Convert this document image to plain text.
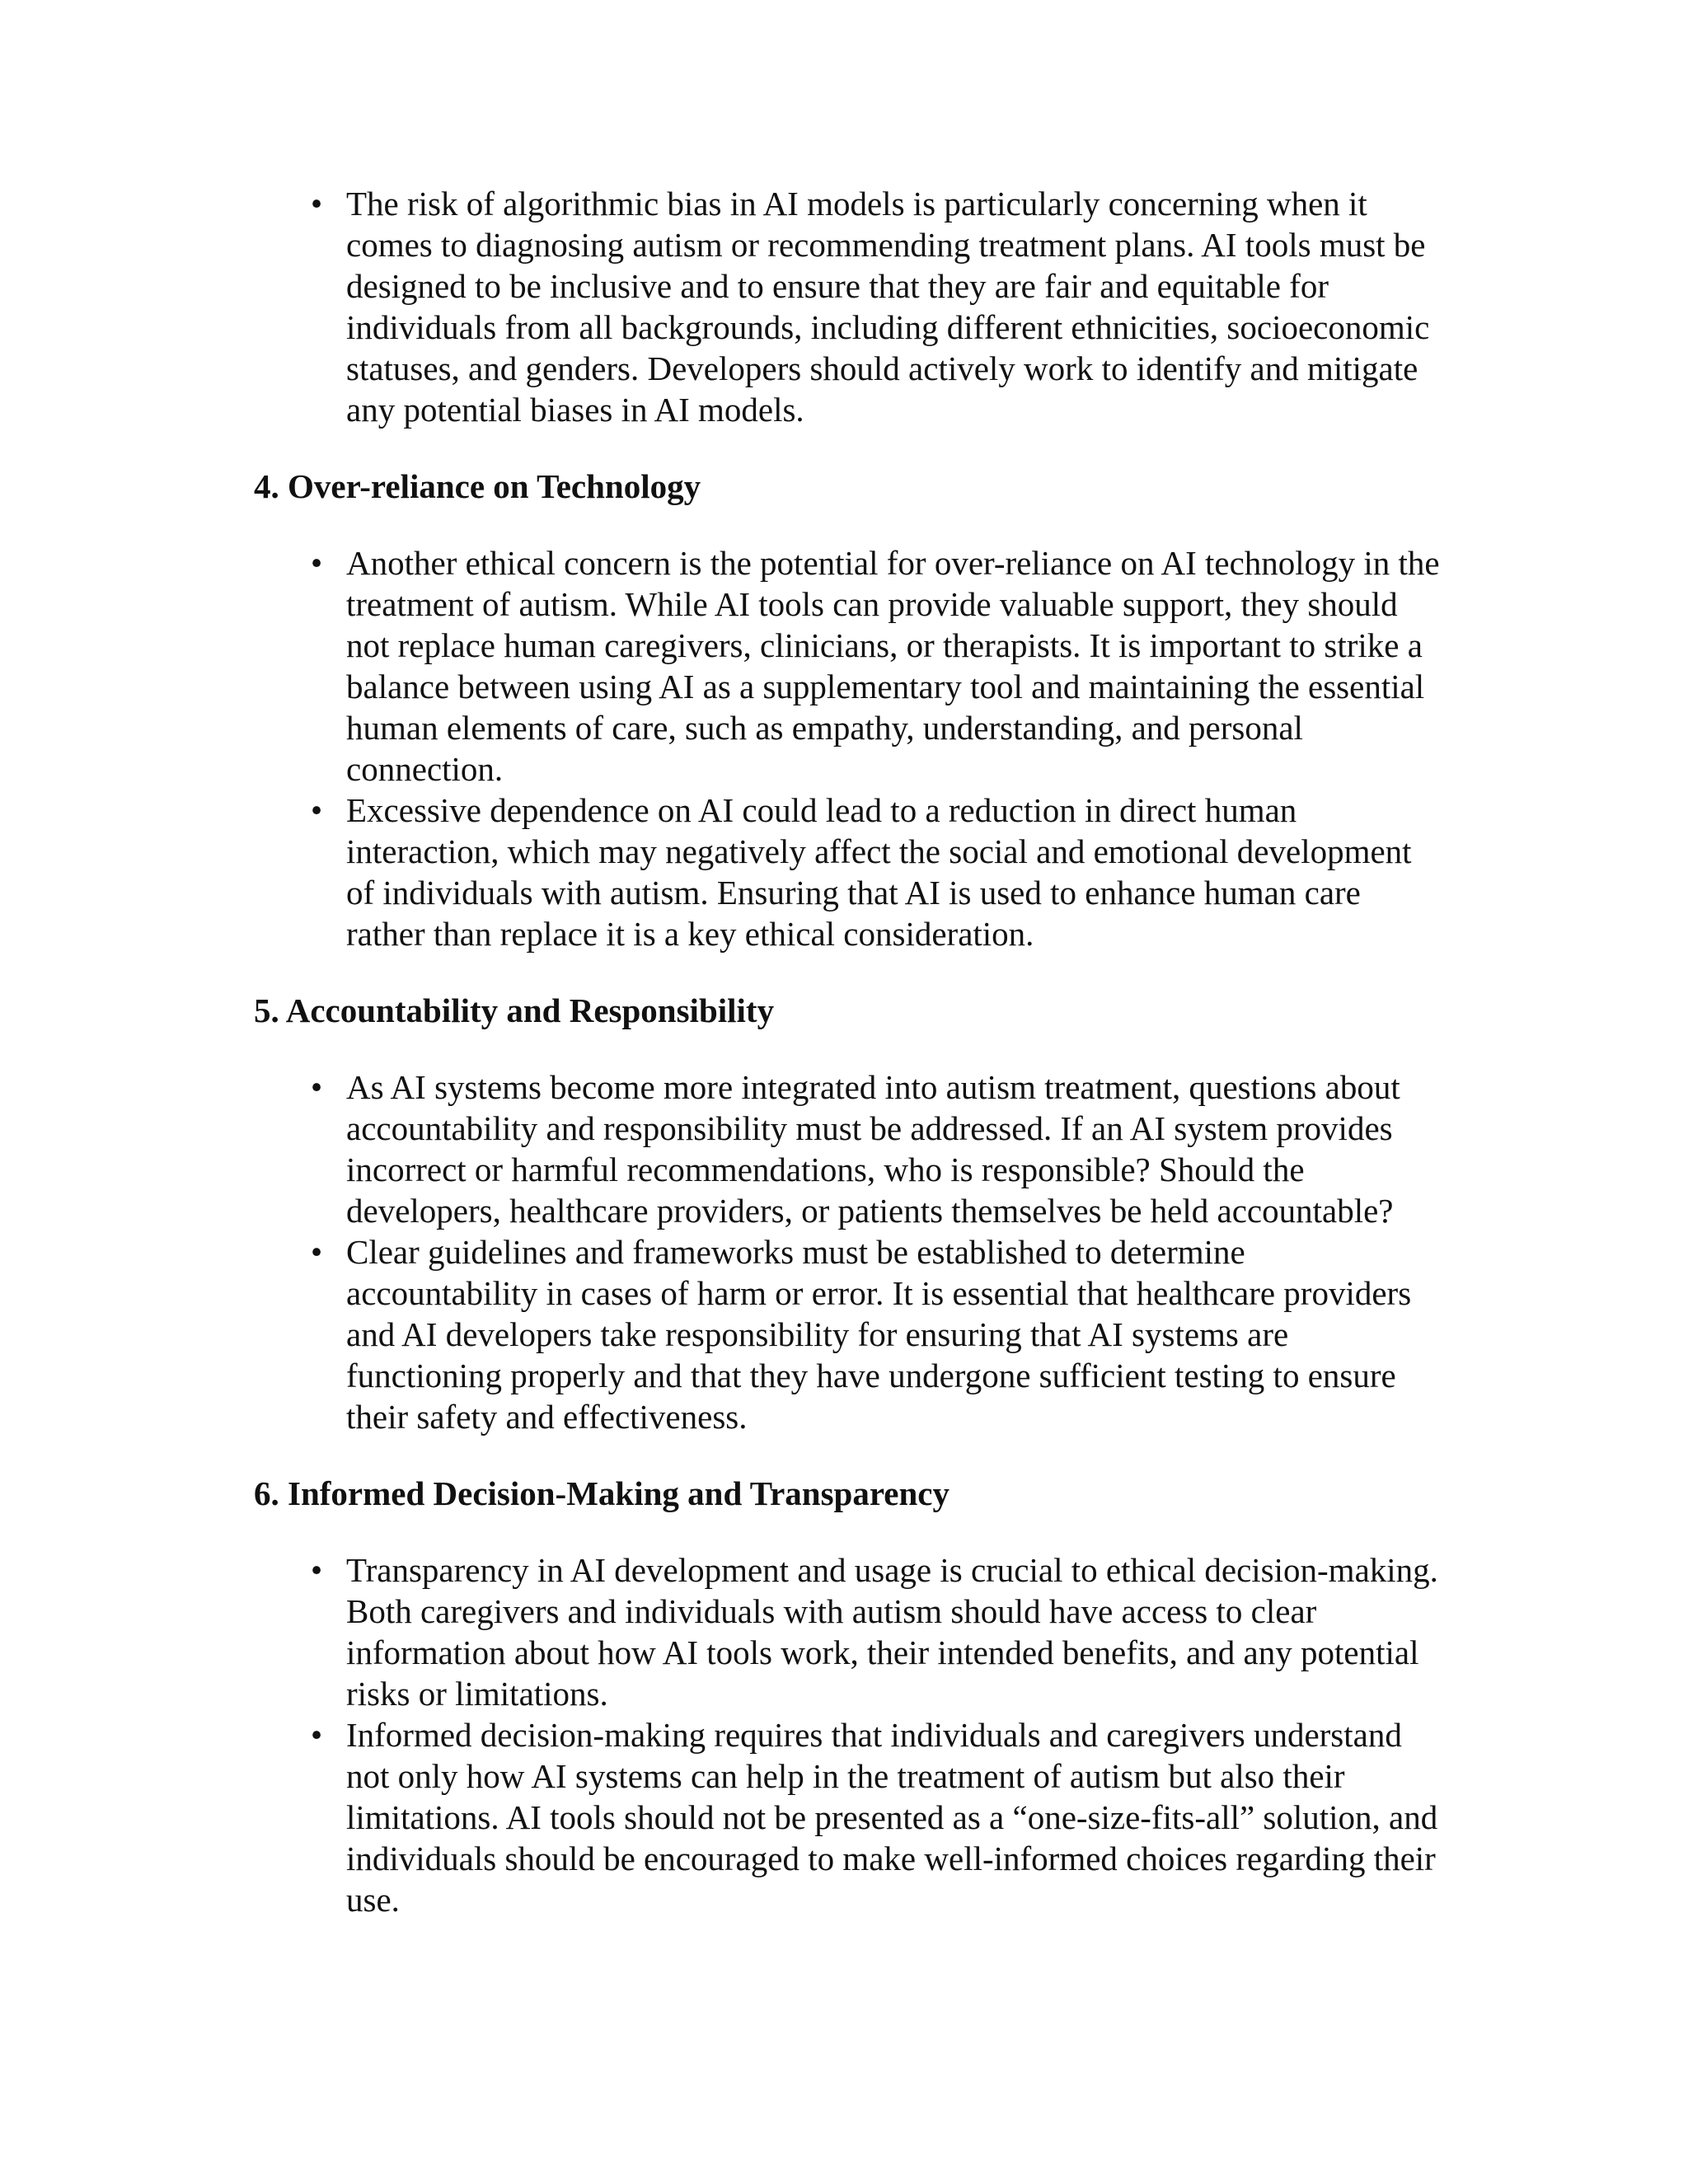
• The risk of algorithmic bias in AI models is particularly concerning when it comes to diagnosing autism or recommending treatment plans. AI tools must be designed to be inclusive and to ensure that they are fair and equitable for individuals from all backgrounds, including different ethnicities, socioeconomic statuses, and genders. Developers should actively work to identify and mitigate any potential biases in AI models.
4. Over-reliance on Technology
• Another ethical concern is the potential for over-reliance on AI technology in the treatment of autism. While AI tools can provide valuable support, they should not replace human caregivers, clinicians, or therapists. It is important to strike a balance between using AI as a supplementary tool and maintaining the essential human elements of care, such as empathy, understanding, and personal connection.
• Excessive dependence on AI could lead to a reduction in direct human interaction, which may negatively affect the social and emotional development of individuals with autism. Ensuring that AI is used to enhance human care rather than replace it is a key ethical consideration.
5. Accountability and Responsibility
• As AI systems become more integrated into autism treatment, questions about accountability and responsibility must be addressed. If an AI system provides incorrect or harmful recommendations, who is responsible? Should the developers, healthcare providers, or patients themselves be held accountable?
• Clear guidelines and frameworks must be established to determine accountability in cases of harm or error. It is essential that healthcare providers and AI developers take responsibility for ensuring that AI systems are functioning properly and that they have undergone sufficient testing to ensure their safety and effectiveness.
6. Informed Decision-Making and Transparency
• Transparency in AI development and usage is crucial to ethical decision-making. Both caregivers and individuals with autism should have access to clear information about how AI tools work, their intended benefits, and any potential risks or limitations.
• Informed decision-making requires that individuals and caregivers understand not only how AI systems can help in the treatment of autism but also their limitations. AI tools should not be presented as a “one-size-fits-all” solution, and individuals should be encouraged to make well-informed choices regarding their use.
